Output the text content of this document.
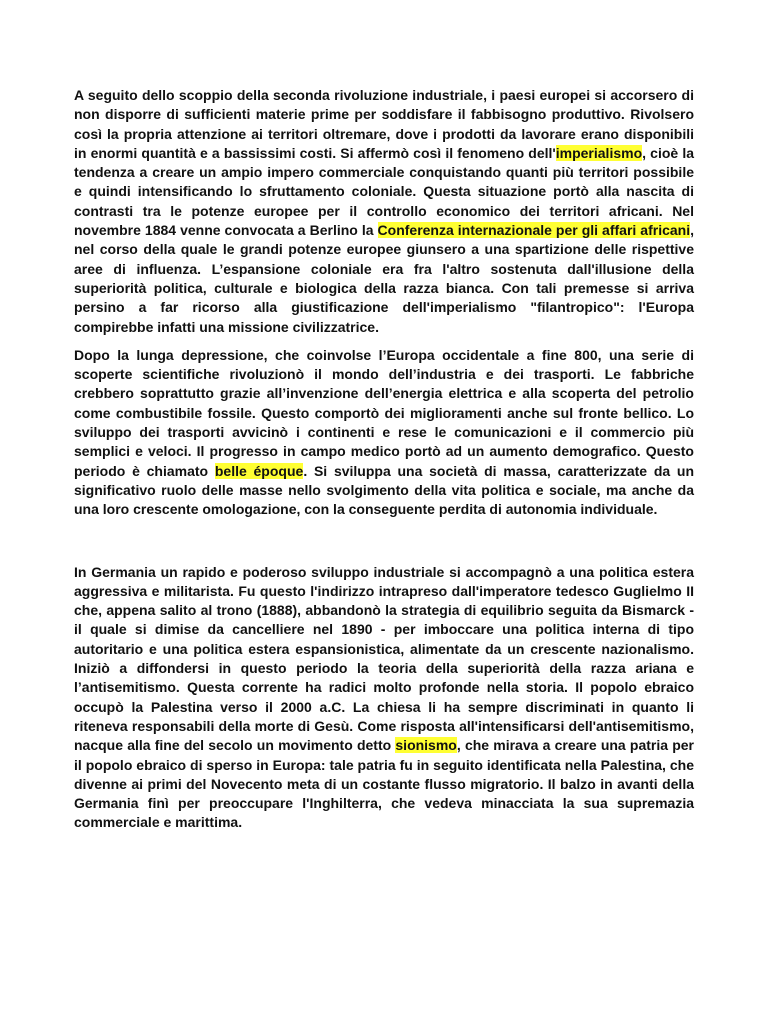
A seguito dello scoppio della seconda rivoluzione industriale, i paesi europei si accorsero di non disporre di sufficienti materie prime per soddisfare il fabbisogno produttivo. Rivolsero così la propria attenzione ai territori oltremare, dove i prodotti da lavorare erano disponibili in enormi quantità e a bassissimi costi. Si affermò così il fenomeno dell'imperialismo, cioè la tendenza a creare un ampio impero commerciale conquistando quanti più territori possibile e quindi intensificando lo sfruttamento coloniale. Questa situazione portò alla nascita di contrasti tra le potenze europee per il controllo economico dei territori africani. Nel novembre 1884 venne convocata a Berlino la Conferenza internazionale per gli affari africani, nel corso della quale le grandi potenze europee giunsero a una spartizione delle rispettive aree di influenza. L’espansione coloniale era fra l'altro sostenuta dall'illusione della superiorità politica, culturale e biologica della razza bianca. Con tali premesse si arriva persino a far ricorso alla giustificazione dell'imperialismo "filantropico": l'Europa compirebbe infatti una missione civilizzatrice.

Dopo la lunga depressione, che coinvolse l’Europa occidentale a fine 800, una serie di scoperte scientifiche rivoluzionò il mondo dell’industria e dei trasporti. Le fabbriche crebbero soprattutto grazie all’invenzione dell’energia elettrica e alla scoperta del petrolio come combustibile fossile. Questo comportò dei miglioramenti anche sul fronte bellico. Lo sviluppo dei trasporti avvicinò i continenti e rese le comunicazioni e il commercio più semplici e veloci. Il progresso in campo medico portò ad un aumento demografico. Questo periodo è chiamato belle époque. Si sviluppa una società di massa, caratterizzate da un significativo ruolo delle masse nello svolgimento della vita politica e sociale, ma anche da una loro crescente omologazione, con la conseguente perdita di autonomia individuale.

In Germania un rapido e poderoso sviluppo industriale si accompagnò a una politica estera aggressiva e militarista. Fu questo l'indirizzo intrapreso dall'imperatore tedesco Guglielmo II che, appena salito al trono (1888), abbandonò la strategia di equilibrio seguita da Bismarck - il quale si dimise da cancelliere nel 1890 - per imboccare una politica interna di tipo autoritario e una politica estera espansionistica, alimentate da un crescente nazionalismo. Iniziò a diffondersi in questo periodo la teoria della superiorità della razza ariana e l’antisemitismo. Questa corrente ha radici molto profonde nella storia. Il popolo ebraico occupò la Palestina verso il 2000 a.C. La chiesa li ha sempre discriminati in quanto li riteneva responsabili della morte di Gesù. Come risposta all'intensificarsi dell'antisemitismo, nacque alla fine del secolo un movimento detto sionismo, che mirava a creare una patria per il popolo ebraico di sperso in Europa: tale patria fu in seguito identificata nella Palestina, che divenne ai primi del Novecento meta di un costante flusso migratorio. Il balzo in avanti della Germania finì per preoccupare l'Inghilterra, che vedeva minacciata la sua supremazia commerciale e marittima.
